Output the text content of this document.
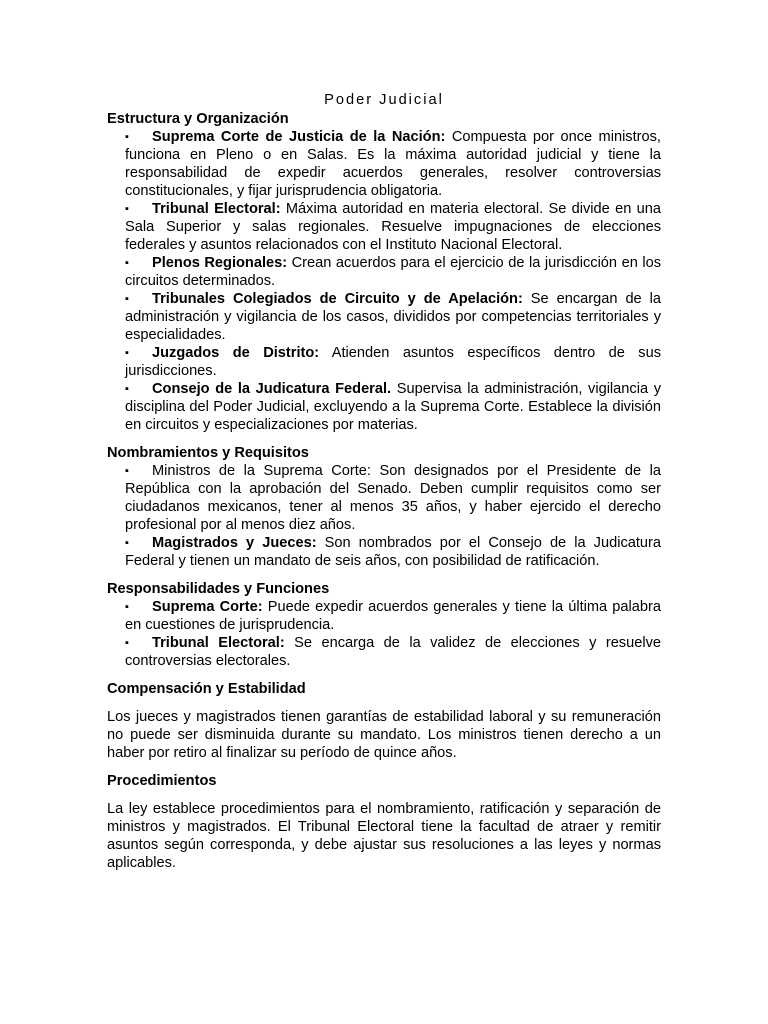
Poder Judicial
Estructura y Organización
▪ Suprema Corte de Justicia de la Nación: Compuesta por once ministros, funciona en Pleno o en Salas. Es la máxima autoridad judicial y tiene la responsabilidad de expedir acuerdos generales, resolver controversias constitucionales, y fijar jurisprudencia obligatoria.
▪ Tribunal Electoral: Máxima autoridad en materia electoral. Se divide en una Sala Superior y salas regionales. Resuelve impugnaciones de elecciones federales y asuntos relacionados con el Instituto Nacional Electoral.
▪ Plenos Regionales: Crean acuerdos para el ejercicio de la jurisdicción en los circuitos determinados.
▪ Tribunales Colegiados de Circuito y de Apelación: Se encargan de la administración y vigilancia de los casos, divididos por competencias territoriales y especialidades.
▪ Juzgados de Distrito: Atienden asuntos específicos dentro de sus jurisdicciones.
▪ Consejo de la Judicatura Federal. Supervisa la administración, vigilancia y disciplina del Poder Judicial, excluyendo a la Suprema Corte. Establece la división en circuitos y especializaciones por materias.
Nombramientos y Requisitos
▪ Ministros de la Suprema Corte: Son designados por el Presidente de la República con la aprobación del Senado. Deben cumplir requisitos como ser ciudadanos mexicanos, tener al menos 35 años, y haber ejercido el derecho profesional por al menos diez años.
▪ Magistrados y Jueces: Son nombrados por el Consejo de la Judicatura Federal y tienen un mandato de seis años, con posibilidad de ratificación.
Responsabilidades y Funciones
▪ Suprema Corte: Puede expedir acuerdos generales y tiene la última palabra en cuestiones de jurisprudencia.
▪ Tribunal Electoral: Se encarga de la validez de elecciones y resuelve controversias electorales.
Compensación y Estabilidad

Los jueces y magistrados tienen garantías de estabilidad laboral y su remuneración no puede ser disminuida durante su mandato. Los ministros tienen derecho a un haber por retiro al finalizar su período de quince años.

Procedimientos

La ley establece procedimientos para el nombramiento, ratificación y separación de ministros y magistrados. El Tribunal Electoral tiene la facultad de atraer y remitir asuntos según corresponda, y debe ajustar sus resoluciones a las leyes y normas aplicables.
